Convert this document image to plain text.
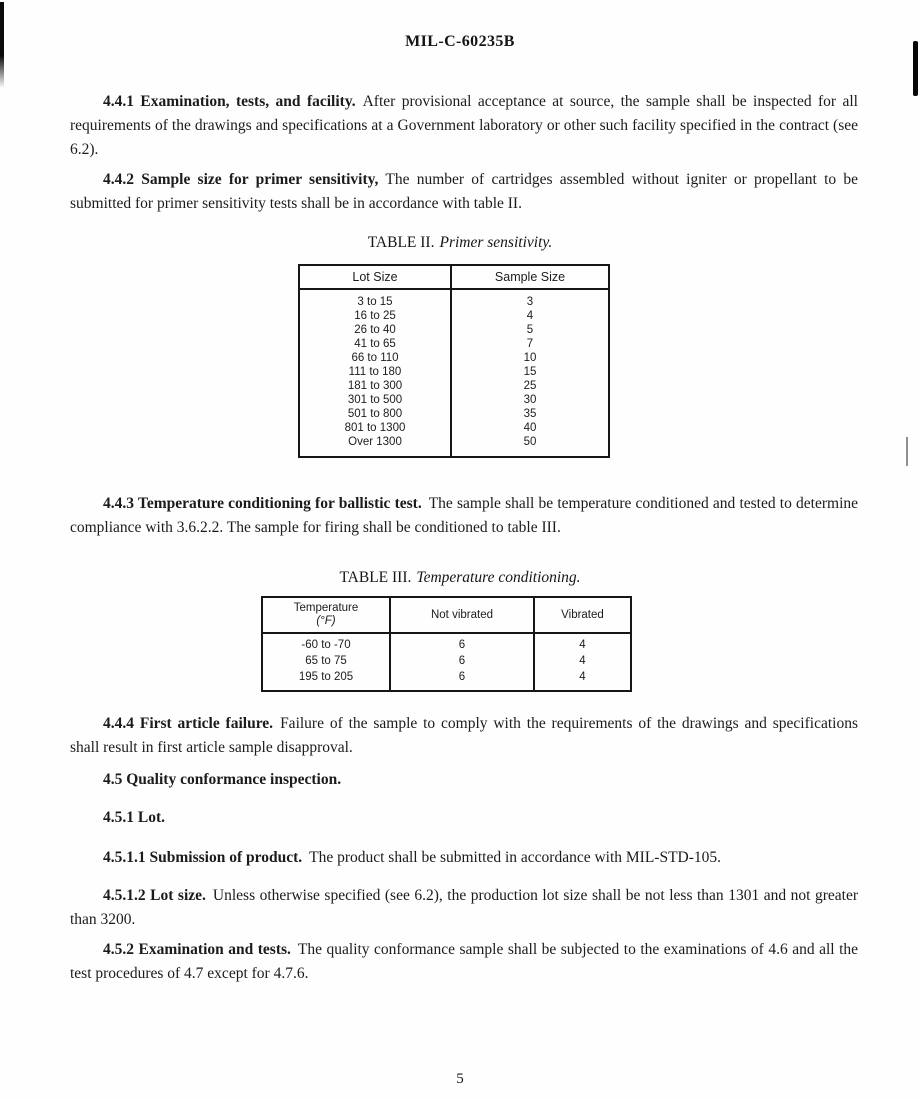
MIL-C-60235B
4.4.1 Examination, tests, and facility. After provisional acceptance at source, the sample shall be inspected for all requirements of the drawings and specifications at a Government laboratory or other such facility specified in the contract (see 6.2).
4.4.2 Sample size for primer sensitivity, The number of cartridges assembled without igniter or propellant to be submitted for primer sensitivity tests shall be in accordance with table II.
TABLE II. Primer sensitivity.
Lot Size	Sample Size
3 to 15
16 to 25
26 to 40
41 to 65
66 to 110
111 to 180
181 to 300
301 to 500
501 to 800
801 to 1300
Over 1300
3
4
5
7
10
15
25
30
35
40
50
4.4.3 Temperature conditioning for ballistic test. The sample shall be temperature conditioned and tested to determine compliance with 3.6.2.2. The sample for firing shall be conditioned to table III.
TABLE III. Temperature conditioning.
Temperature
(°F)
Not vibrated	Vibrated
-60 to -70
65 to 75
195 to 205
6
6
6
4
4
4
4.4.4 First article failure. Failure of the sample to comply with the requirements of the drawings and specifications shall result in first article sample disapproval.
4.5 Quality conformance inspection.
4.5.1 Lot.
4.5.1.1 Submission of product. The product shall be submitted in accordance with MIL-STD-105.
4.5.1.2 Lot size. Unless otherwise specified (see 6.2), the production lot size shall be not less than 1301 and not greater than 3200.
4.5.2 Examination and tests. The quality conformance sample shall be subjected to the examinations of 4.6 and all the test procedures of 4.7 except for 4.7.6.
5
